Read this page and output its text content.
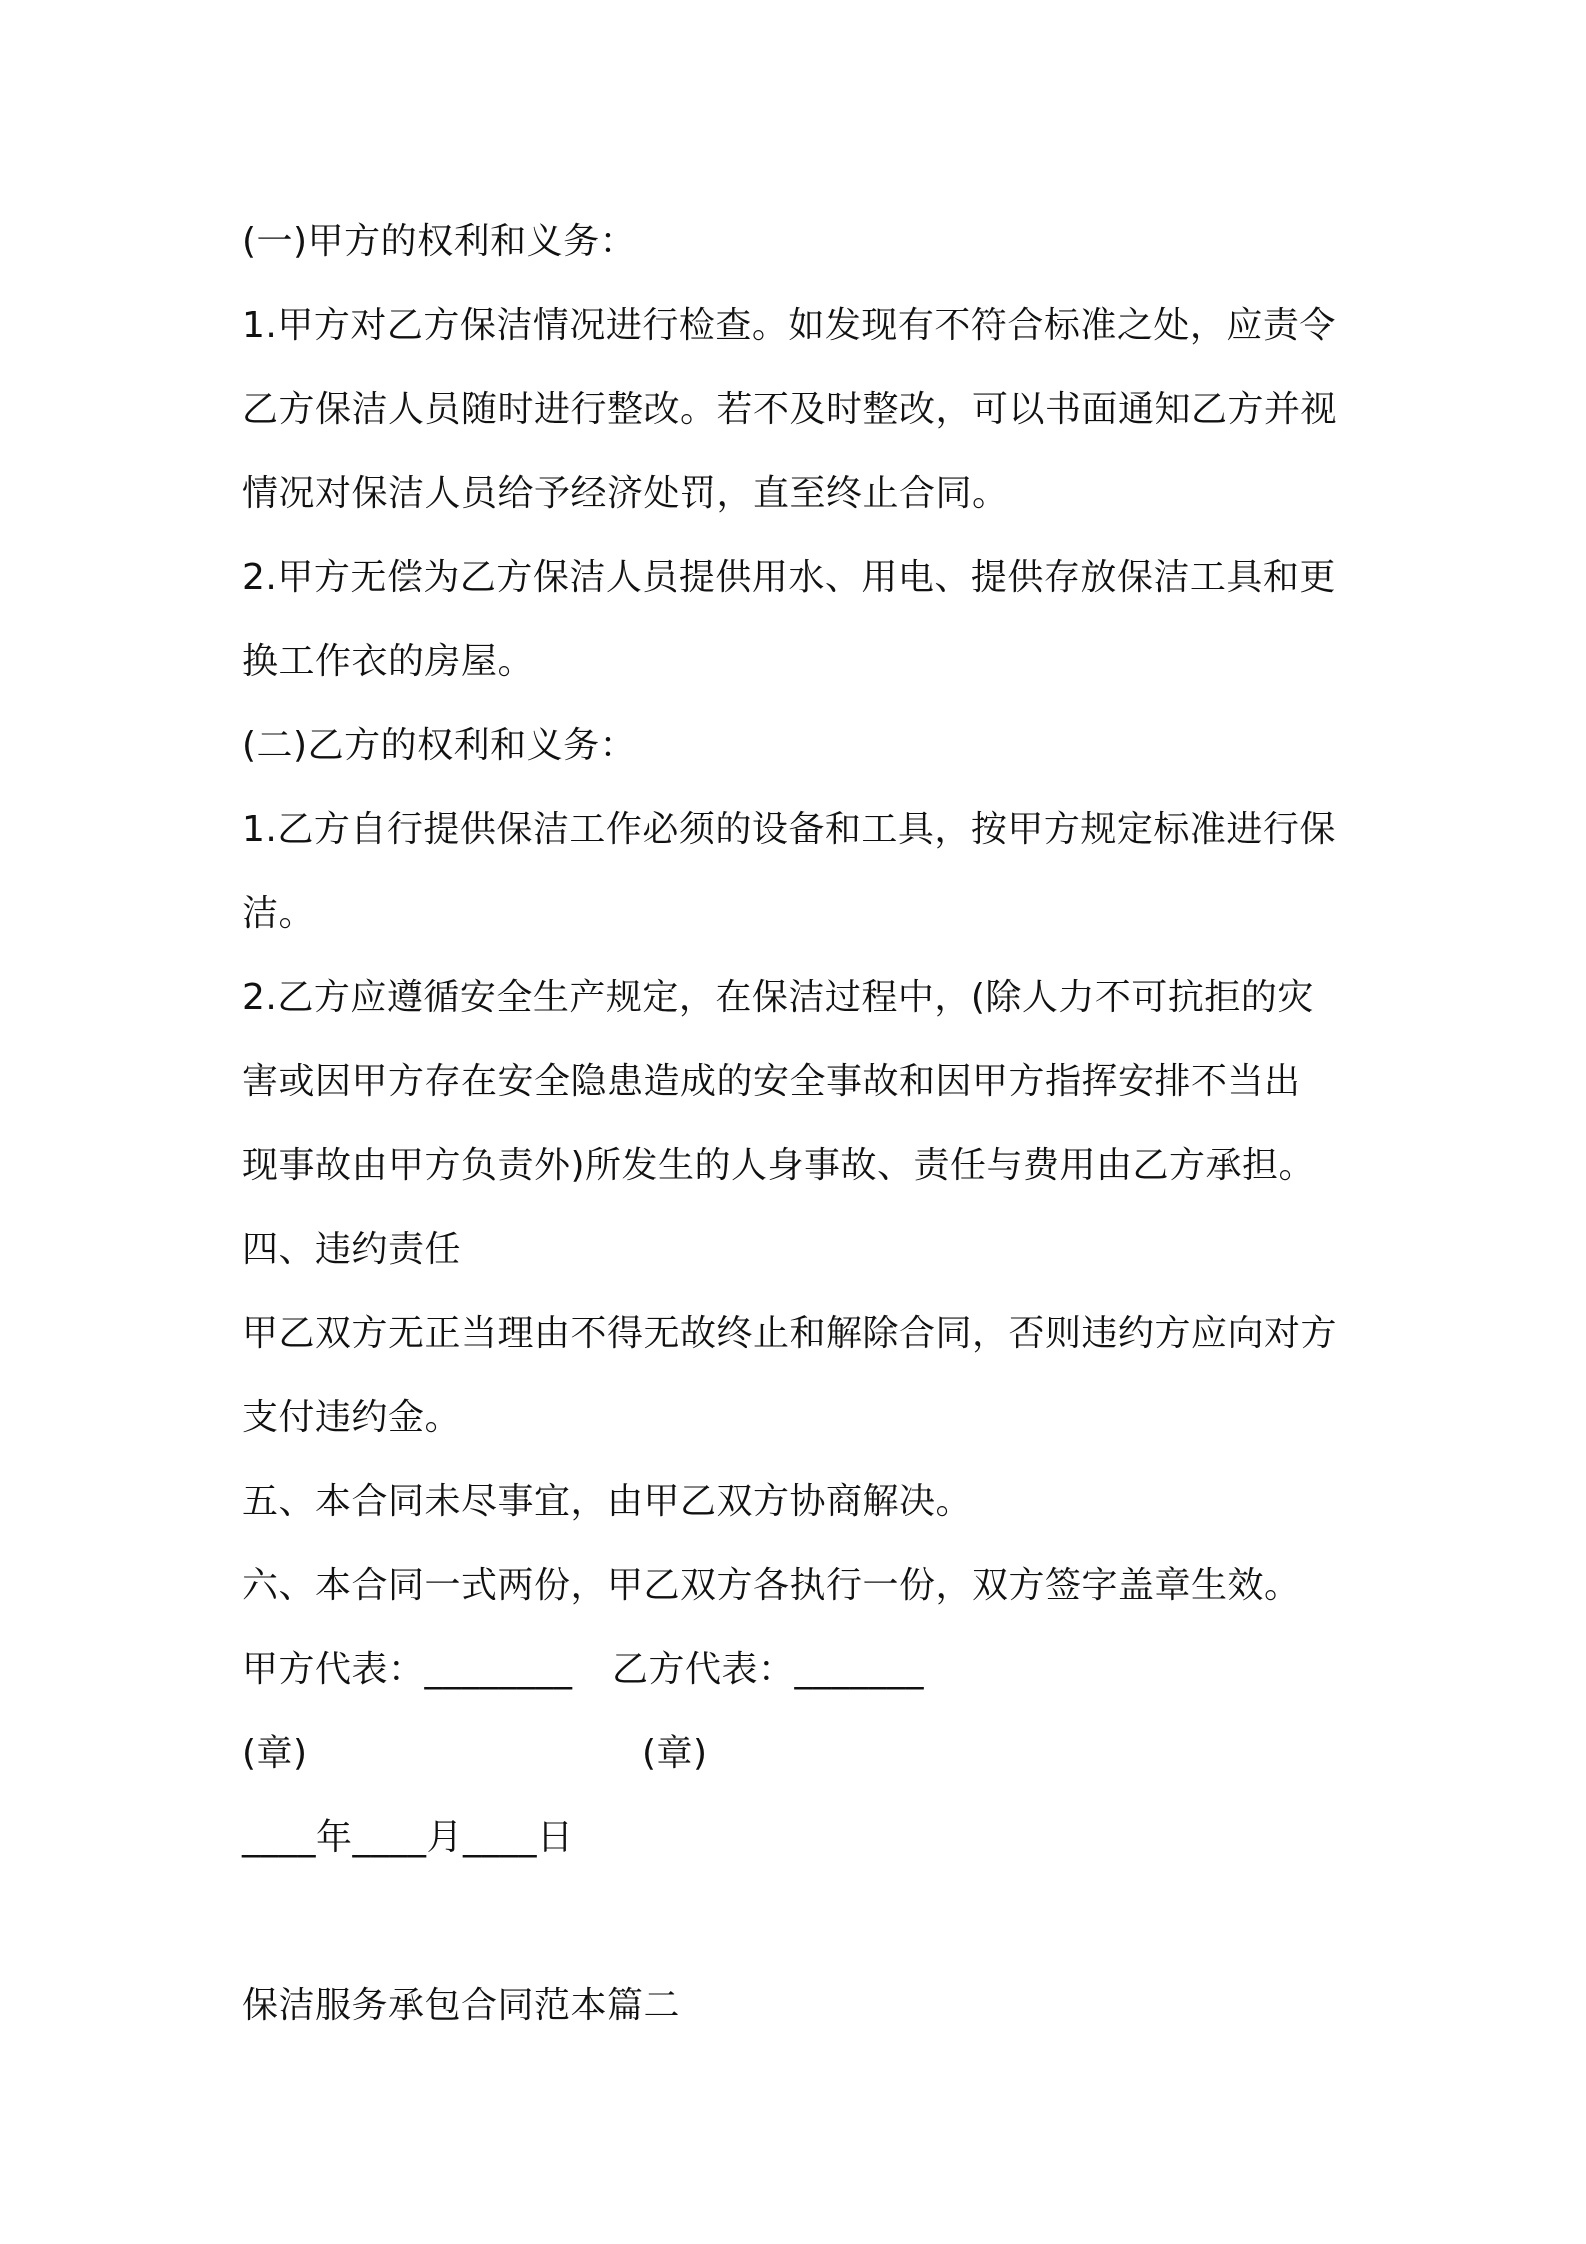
(一)甲方的权利和义务：
1.甲方对乙方保洁情况进行检查。如发现有不符合标准之处，应责令
乙方保洁人员随时进行整改。若不及时整改，可以书面通知乙方并视
情况对保洁人员给予经济处罚，直至终止合同。
2.甲方无偿为乙方保洁人员提供用水、用电、提供存放保洁工具和更
换工作衣的房屋。
(二)乙方的权利和义务：
1.乙方自行提供保洁工作必须的设备和工具，按甲方规定标准进行保
洁。
2.乙方应遵循安全生产规定，在保洁过程中，(除人力不可抗拒的灾
害或因甲方存在安全隐患造成的安全事故和因甲方指挥安排不当出
现事故由甲方负责外)所发生的人身事故、责任与费用由乙方承担。
四、违约责任
甲乙双方无正当理由不得无故终止和解除合同，否则违约方应向对方
支付违约金。
五、本合同未尽事宜，由甲乙双方协商解决。
六、本合同一式两份，甲乙双方各执行一份，双方签字盖章生效。
甲方代表：________	乙方代表：_______
(章)	(章)
____年____月____日
保洁服务承包合同范本篇二
